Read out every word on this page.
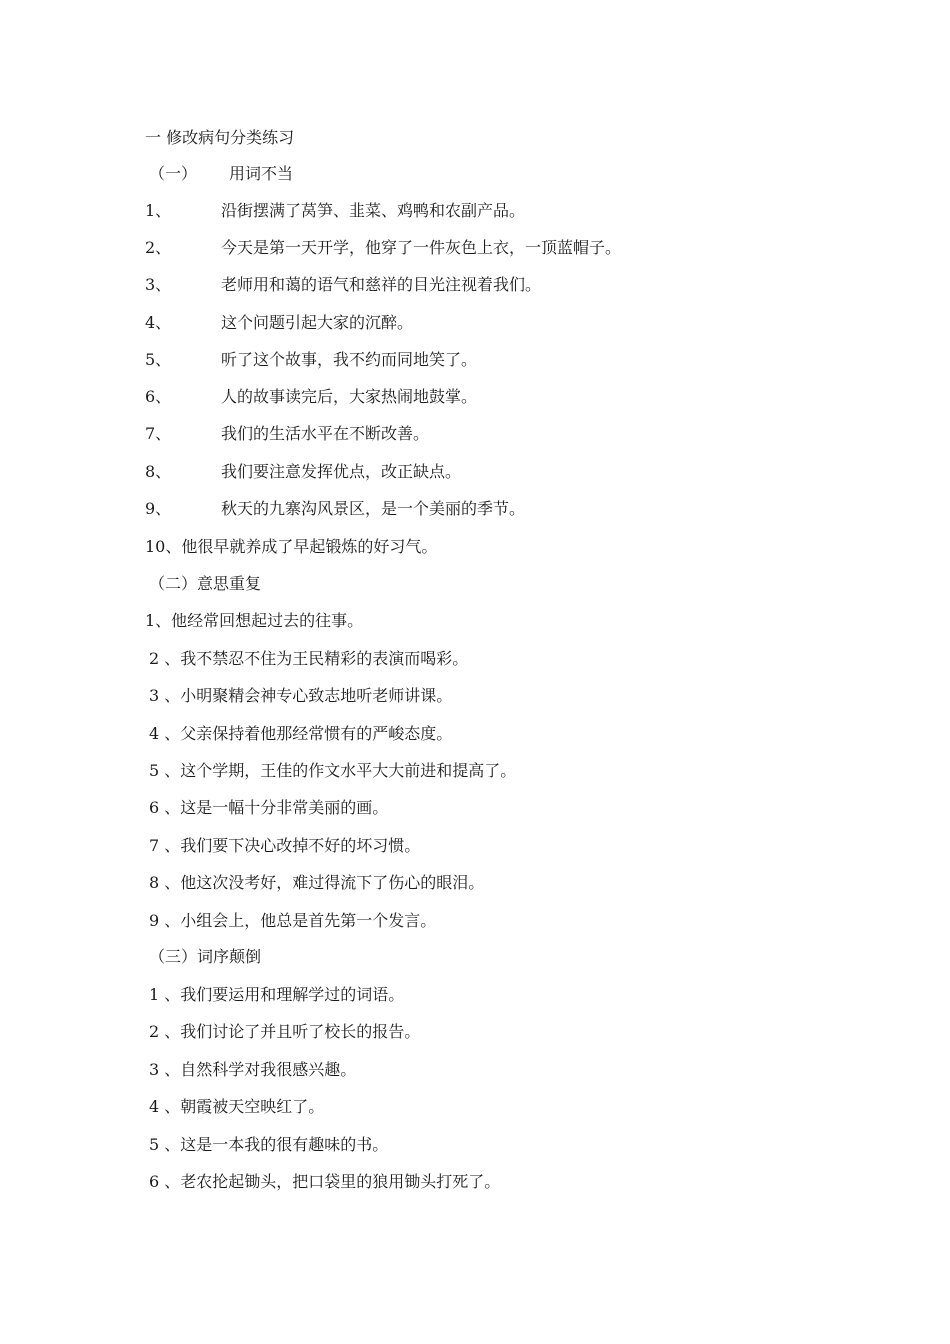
一 修改病句分类练习
（一） 用词不当
1、	沿街摆满了莴笋、韭菜、鸡鸭和农副产品。
2、	今天是第一天开学，他穿了一件灰色上衣，一顶蓝帽子。
3、	老师用和蔼的语气和慈祥的目光注视着我们。
4、	这个问题引起大家的沉醉。
5、	听了这个故事，我不约而同地笑了。
6、	人的故事读完后，大家热闹地鼓掌。
7、	我们的生活水平在不断改善。
8、	我们要注意发挥优点，改正缺点。
9、	秋天的九寨沟风景区，是一个美丽的季节。
10、他很早就养成了早起锻炼的好习气。
（二）意思重复
1、他经常回想起过去的往事。
2 、我不禁忍不住为王民精彩的表演而喝彩。
3 、小明聚精会神专心致志地听老师讲课。
4 、父亲保持着他那经常惯有的严峻态度。
5 、这个学期，王佳的作文水平大大前进和提高了。
6 、这是一幅十分非常美丽的画。
7 、我们要下决心改掉不好的坏习惯。
8 、他这次没考好，难过得流下了伤心的眼泪。
9 、小组会上，他总是首先第一个发言。
（三）词序颠倒
1 、我们要运用和理解学过的词语。
2 、我们讨论了并且听了校长的报告。
3 、自然科学对我很感兴趣。
4 、朝霞被天空映红了。
5 、这是一本我的很有趣味的书。
6 、老农抡起锄头，把口袋里的狼用锄头打死了。
